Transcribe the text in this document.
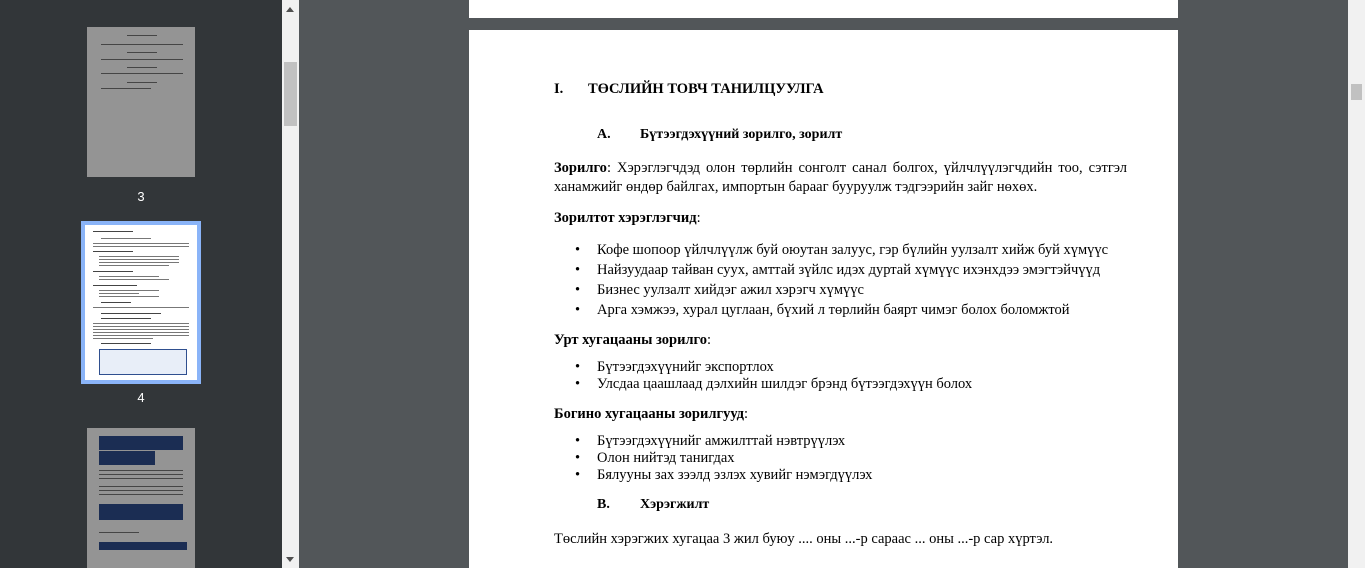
3
4
I. ТӨСЛИЙН ТОВЧ ТАНИЛЦУУЛГА
A. Бүтээгдэхүүний зорилго, зорилт
Зорилго: Хэрэглэгчдэд олон төрлийн сонголт санал болгох, үйлчлүүлэгчдийн тоо, сэтгэл ханамжийг өндөр байлгах, импортын барааг бууруулж тэдгээрийн зайг нөхөх.
Зорилтот хэрэглэгчид:
• Кофе шопоор үйлчлүүлж буй оюутан залуус, гэр бүлийн уулзалт хийж буй хүмүүс
• Найзуудаар тайван суух, амттай зүйлс идэх дуртай хүмүүс ихэнхдээ эмэгтэйчүүд
• Бизнес уулзалт хийдэг ажил хэрэгч хүмүүс
• Арга хэмжээ, хурал цуглаан, бүхий л төрлийн баярт чимэг болох боломжтой
Урт хугацааны зорилго:
• Бүтээгдэхүүнийг экспортлох
• Улсдаа цаашлаад дэлхийн шилдэг брэнд бүтээгдэхүүн болох
Богино хугацааны зорилгууд:
• Бүтээгдэхүүнийг амжилттай нэвтрүүлэх
• Олон нийтэд танигдах
• Бялууны зах зээлд эзлэх хувийг нэмэгдүүлэх
B. Хэрэгжилт
Төслийн хэрэгжих хугацаа 3 жил буюу .... оны ...-р сараас ... оны ...-р сар хүртэл.
